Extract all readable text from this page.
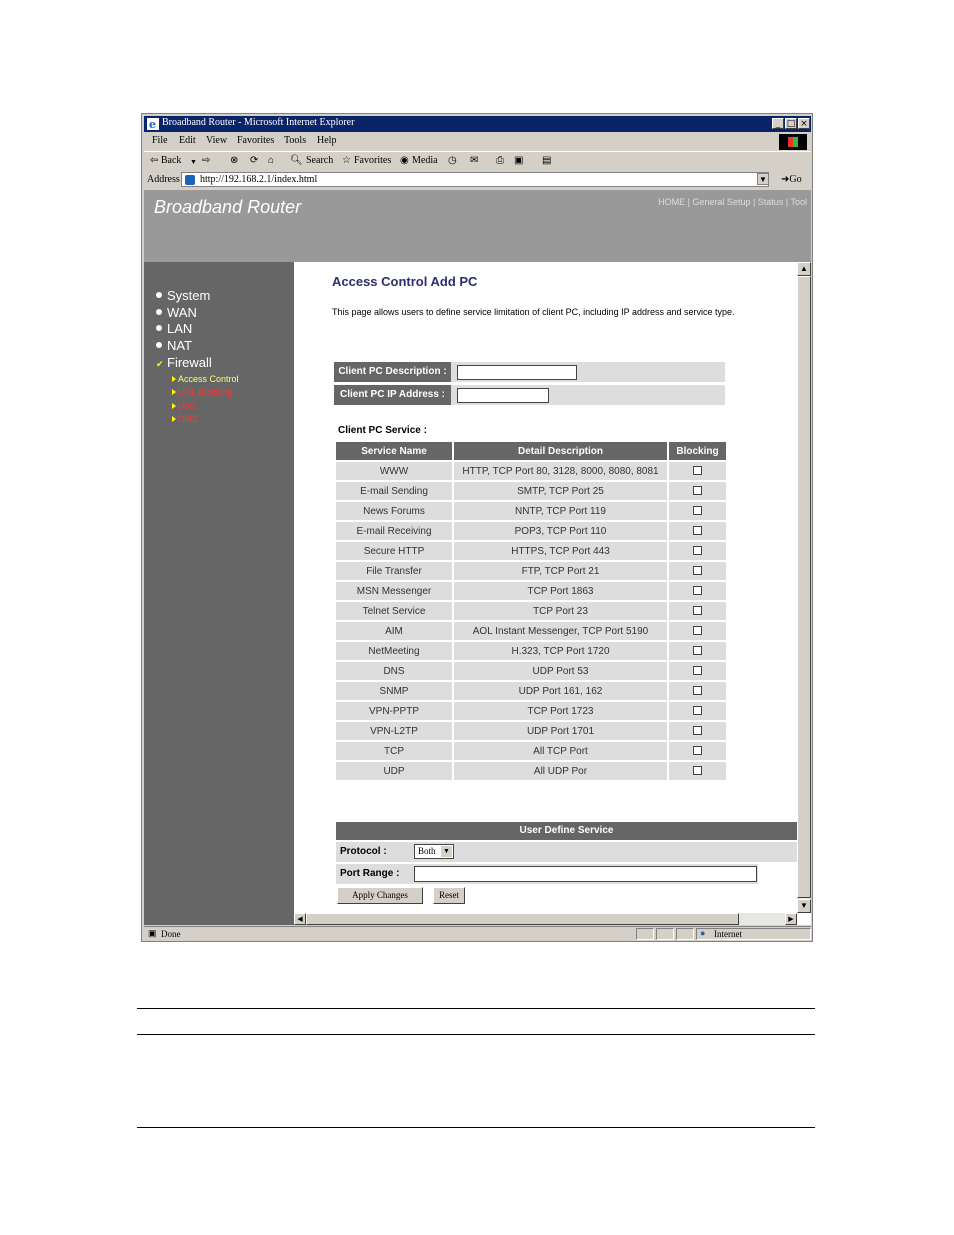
e Broadband Router - Microsoft Internet Explorer	_ □ ×
File Edit View Favorites Tools Help
⇦ Back ▼ ⇨ ⊗ ⟳ ⌂ 🔍︎ Search ☆ Favorites ◉ Media ◷ ✉ ⎙ ▣ ▤
Address http://192.168.2.1/index.html	▼ ➜Go
Broadband Router	HOME | General Setup | Status | Tool
System
WAN
LAN
NAT
✔ Firewall
Access Control
URL Blocking
DoS
DMZ
Access Control Add PC
This page allows users to define service limitation of client PC, including IP address and service type.
Client PC Description :
Client PC IP Address :
Client PC Service :
Service Name	Detail Description	Blocking
WWW	HTTP, TCP Port 80, 3128, 8000, 8080, 8081	
E-mail Sending	SMTP, TCP Port 25	
News Forums	NNTP, TCP Port 119	
E-mail Receiving	POP3, TCP Port 110	
Secure HTTP	HTTPS, TCP Port 443	
File Transfer	FTP, TCP Port 21	
MSN Messenger	TCP Port 1863	
Telnet Service	TCP Port 23	
AIM	AOL Instant Messenger, TCP Port 5190	
NetMeeting	H.323, TCP Port 1720	
DNS	UDP Port 53	
SNMP	UDP Port 161, 162	
VPN-PPTP	TCP Port 1723	
VPN-L2TP	UDP Port 1701	
TCP	All TCP Port	
UDP	All UDP Por	
User Define Service
Protocol :	Both ▼
Port Range :
Apply Changes	Reset
▲
▼
◀	▶
▣ Done	● Internet
